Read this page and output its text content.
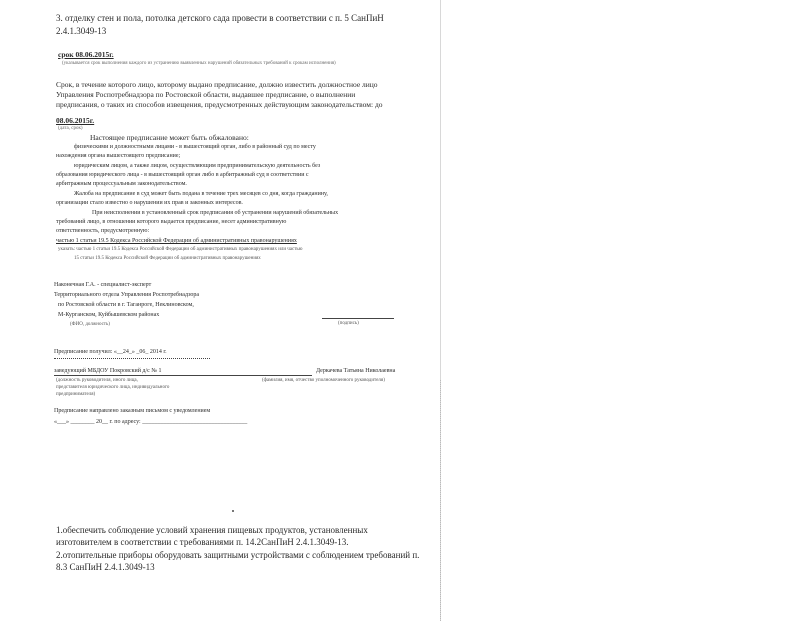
3. отделку стен и пола, потолка детского сада провести в соответствии с п. 5 СанПиН
2.4.1.3049-13
срок 08.06.2015г.
(указывается срок выполнения каждого из устранению выявленных нарушений обязательных требований к срокам исполнения)
Срок, в течение которого лицо, которому выдано предписание, должно известить должностное лицо
Управления Роспотребнадзора по Ростовской области, выдавшее предписание, о выполнении
предписания, о таких из способов извещения, предусмотренных действующим законодательством: до
08.06.2015г.
(дата, срок)
Настоящее предписание может быть обжаловано:
физическими и должностными лицами - в вышестоящий орган, либо в районный суд по месту
нахождения органа вышестоящего предписание;
юридическим лицом, а также лицом, осуществляющим предпринимательскую деятельность без
образования юридического лица - в вышестоящий орган либо в арбитражный суд в соответствии с
арбитражным процессуальным законодательством.
Жалоба на предписание в суд может быть подана в течение трех месяцев со дня, когда гражданину,
организации стало известно о нарушении их прав и законных интересов.
При неисполнении в установленный срок предписания об устранении нарушений обязательных
требований лицо, в отношении которого выдается предписание, несет административную
ответственность, предусмотренную:
частью 1 статьи 19.5 Кодекса Российской Федерации об административных правонарушениях
указать: частью 1 статьи 19.5 Кодекса Российской Федерации об административных правонарушениях или частью
15 статьи 19.5 Кодекса Российской Федерации об административных правонарушениях
Наконечная Г.А. - специалист-эксперт
Территориального отдела Управления Роспотребнадзора
по Ростовской области в г. Таганроге, Неклиновском,
М-Курганском, Куйбышевском районах
(ФИО, должность)	(подпись)
Предписание получил: «__24_» _06_ 2014 г.
заведующий МБДОУ Покровский д/с № 1	Деркачева Татьяна Николаевна
(фамилия, имя, отчество уполномоченного руководителя)
(должность руководителя, иного лица,
представителя юридического лица, индивидуального
предпринимателя)
Предписание направлено заказным письмом с уведомлением
«___» ________ 20__ г. по адресу: ___________________________________
1.обеспечить соблюдение условий хранения пищевых продуктов, установленных
изготовителем в соответствии с требованиями п. 14.2СанПиН 2.4.1.3049-13.
2.отопительные приборы оборудовать защитными устройствами с соблюдением требований п.
8.3 СанПиН 2.4.1.3049-13
